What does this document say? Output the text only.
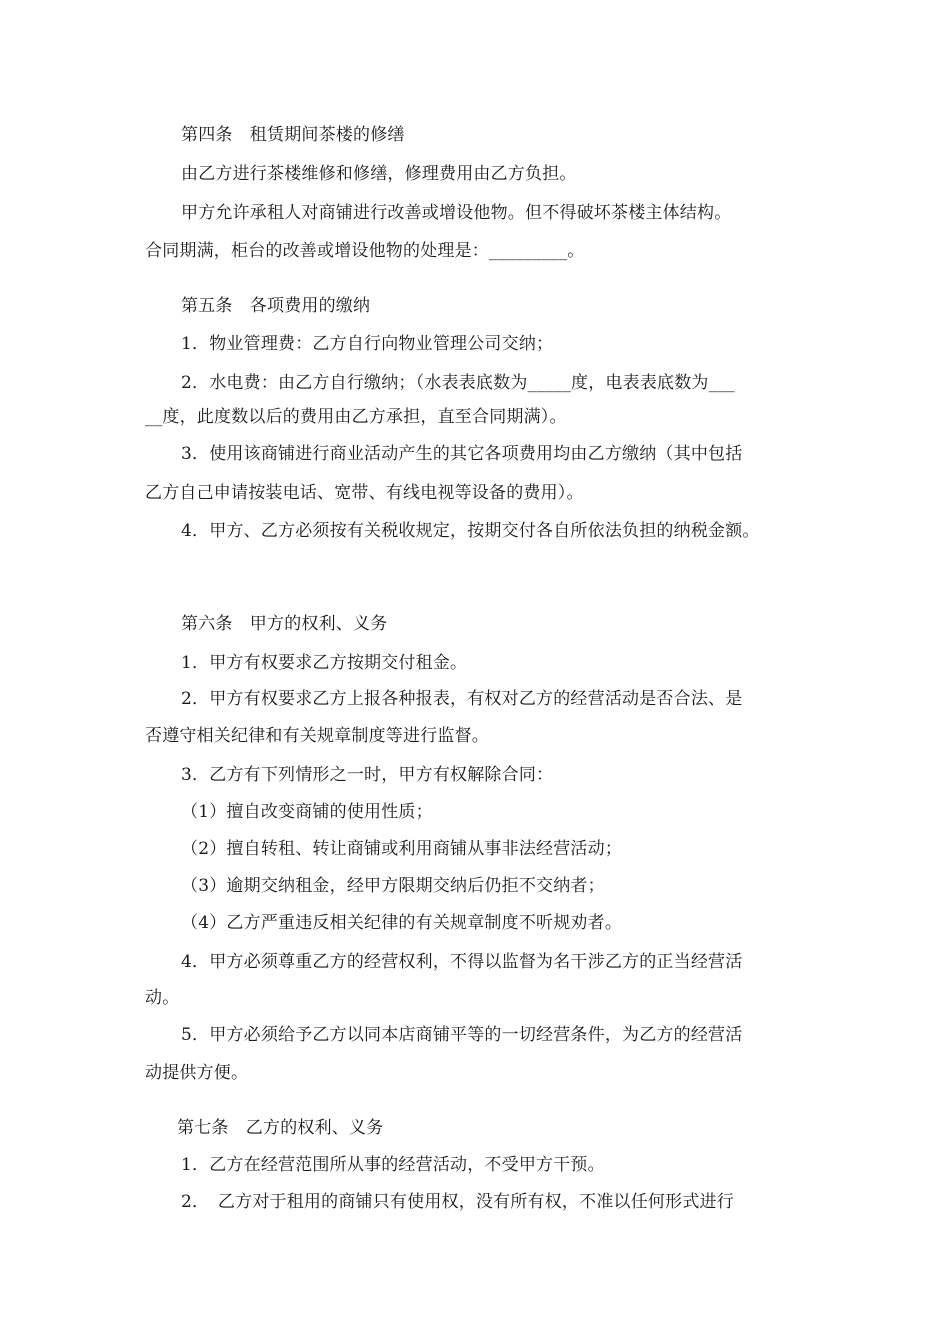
第四条　租赁期间茶楼的修缮
由乙方进行茶楼维修和修缮，修理费用由乙方负担。
甲方允许承租人对商铺进行改善或增设他物。但不得破坏茶楼主体结构。
合同期满，柜台的改善或增设他物的处理是：_________。
第五条　各项费用的缴纳
1．物业管理费：乙方自行向物业管理公司交纳；
2．水电费：由乙方自行缴纳；（水表表底数为_____度，电表表底数为___
__度，此度数以后的费用由乙方承担，直至合同期满）。
3．使用该商铺进行商业活动产生的其它各项费用均由乙方缴纳（其中包括
乙方自己申请按装电话、宽带、有线电视等设备的费用）。
4．甲方、乙方必须按有关税收规定，按期交付各自所依法负担的纳税金额。
第六条　甲方的权利、义务
1．甲方有权要求乙方按期交付租金。
2．甲方有权要求乙方上报各种报表，有权对乙方的经营活动是否合法、是
否遵守相关纪律和有关规章制度等进行监督。
3．乙方有下列情形之一时，甲方有权解除合同：
（1）擅自改变商铺的使用性质；
（2）擅自转租、转让商铺或利用商铺从事非法经营活动；
（3）逾期交纳租金，经甲方限期交纳后仍拒不交纳者；
（4）乙方严重违反相关纪律的有关规章制度不听规劝者。
4．甲方必须尊重乙方的经营权利，不得以监督为名干涉乙方的正当经营活
动。
5．甲方必须给予乙方以同本店商铺平等的一切经营条件，为乙方的经营活
动提供方便。
第七条　乙方的权利、义务
1．乙方在经营范围所从事的经营活动，不受甲方干预。
2．　乙方对于租用的商铺只有使用权，没有所有权，不准以任何形式进行
